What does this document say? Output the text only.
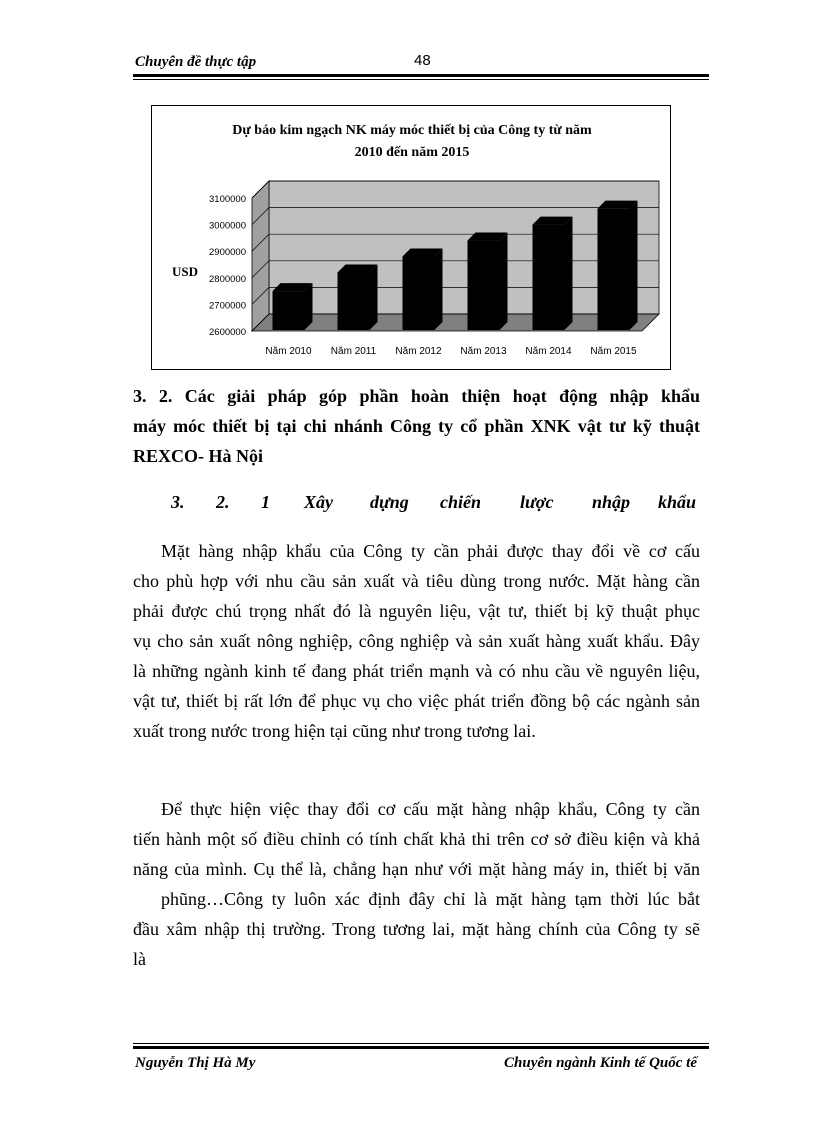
Chuyên đề thực tập	48
Dự báo kim ngạch NK máy móc thiết bị của Công ty từ năm
2010 đến năm 2015
USD
2600000
2700000
2800000
2900000
3000000
3100000
Năm 2010 Năm 2011 Năm 2012 Năm 2013 Năm 2014 Năm 2015
3. 2. Các giải pháp góp phần hoàn thiện hoạt động nhập khẩu
máy móc thiết bị tại chi nhánh Công ty cổ phần XNK vật tư kỹ thuật
REXCO- Hà Nội
3. 2. 1 Xây dựng chiến lược nhập khẩu

Mặt hàng nhập khẩu của Công ty cần phải được thay đổi về cơ cấu

cho phù hợp với nhu cầu sản xuất và tiêu dùng trong nước. Mặt hàng cần

phải được chú trọng nhất đó là nguyên liệu, vật tư, thiết bị kỹ thuật phục

vụ cho sản xuất nông nghiệp, công nghiệp và sản xuất hàng xuất khẩu. Đây

là những ngành kinh tế đang phát triển mạnh và có nhu cầu về nguyên liệu,

vật tư, thiết bị rất lớn để phục vụ cho việc phát triển đồng bộ các ngành sản

xuất trong nước trong hiện tại cũng như trong tương lai.

Để thực hiện việc thay đổi cơ cấu mặt hàng nhập khẩu, Công ty cần

tiến hành một số điều chỉnh có tính chất khả thi trên cơ sở điều kiện và khả

năng của mình. Cụ thể là, chẳng hạn như với mặt hàng máy in, thiết bị văn

phũng…Công ty luôn xác định đây chỉ là mặt hàng tạm thời lúc bắt

đầu xâm nhập thị trường. Trong tương lai, mặt hàng chính của Công ty sẽ

là

Nguyễn Thị Hà My	Chuyên ngành Kinh tế Quốc tế
